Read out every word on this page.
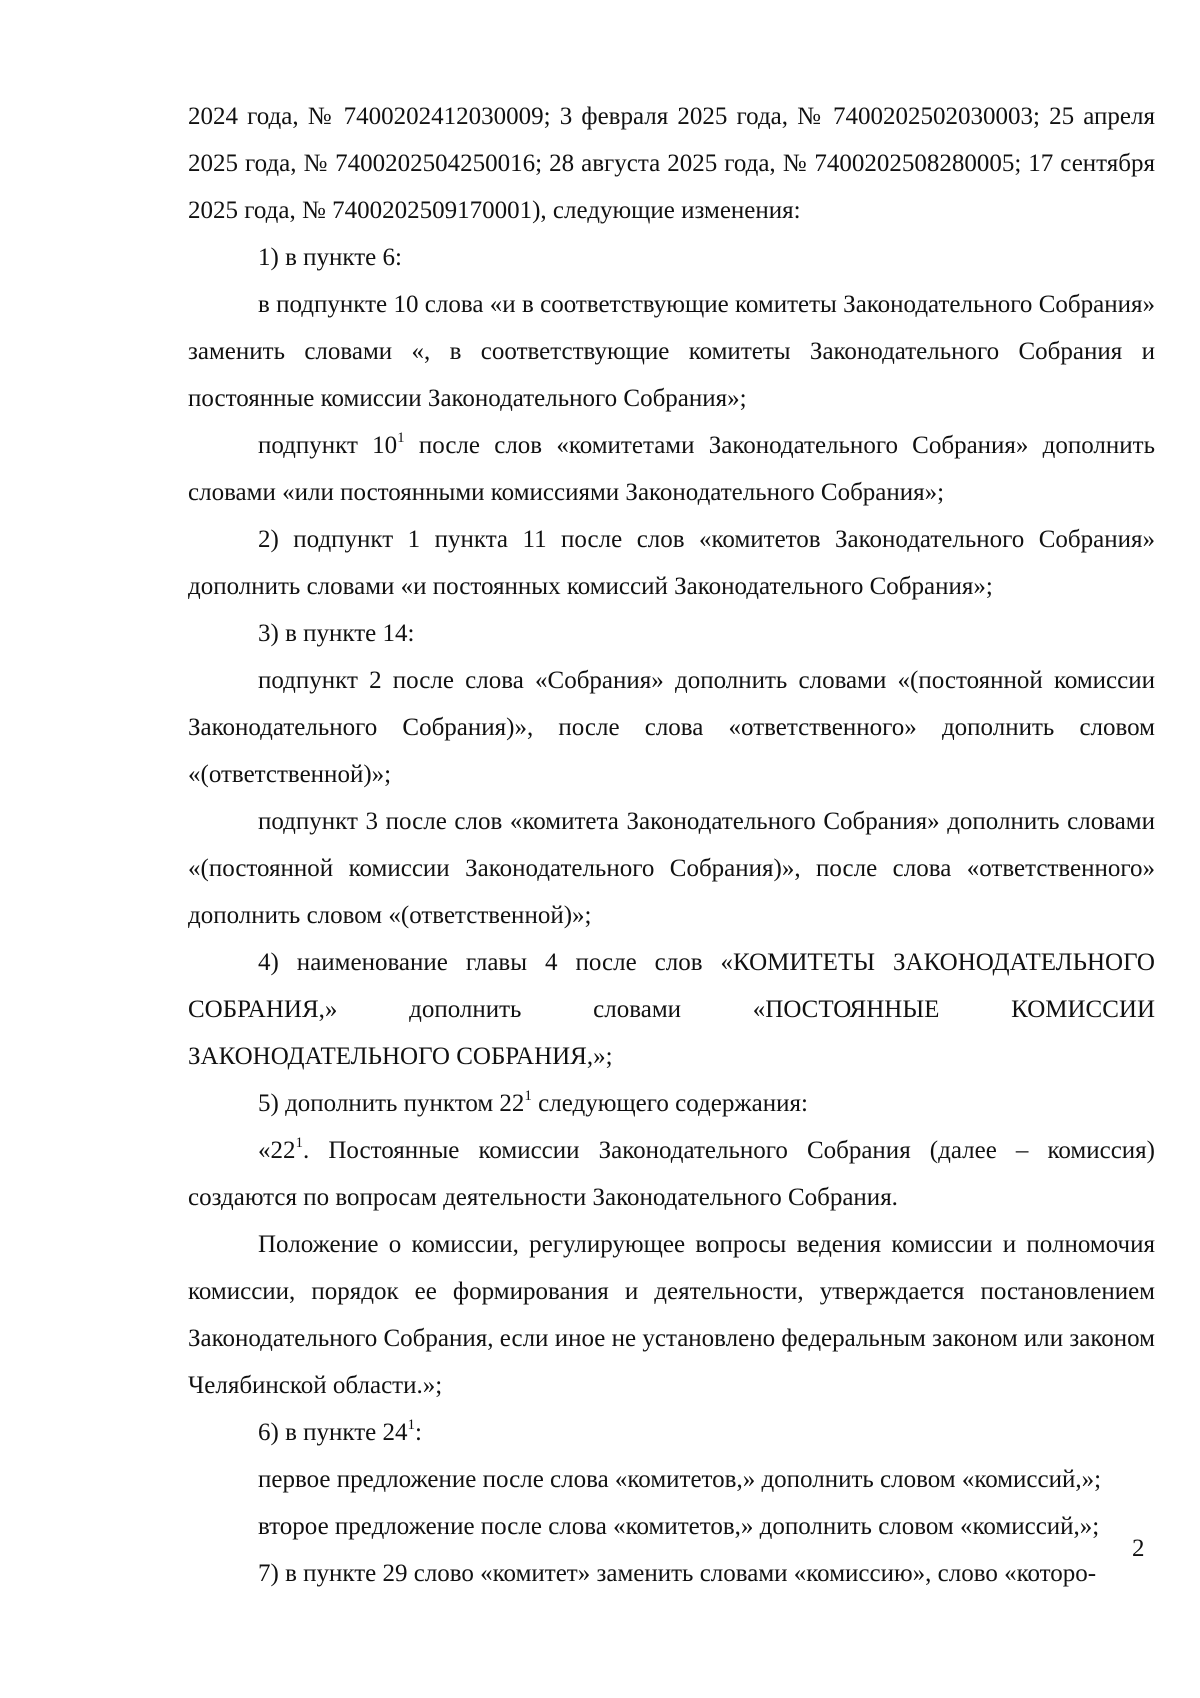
2024 года, № 7400202412030009; 3 февраля 2025 года, № 7400202502030003; 25 апреля 2025 года, № 7400202504250016; 28 августа 2025 года, № 7400202508280005; 17 сентября 2025 года, № 7400202509170001), следующие изменения:

1) в пункте 6:

в подпункте 10 слова «и в соответствующие комитеты Законодательного Собрания» заменить словами «, в соответствующие комитеты Законодательного Собрания и постоянные комиссии Законодательного Собрания»;

подпункт $10^1$ после слов «комитетами Законодательного Собрания» дополнить словами «или постоянными комиссиями Законодательного Собрания»;

2) подпункт 1 пункта 11 после слов «комитетов Законодательного Собрания» дополнить словами «и постоянных комиссий Законодательного Собрания»;

3) в пункте 14:

подпункт 2 после слова «Собрания» дополнить словами «(постоянной комиссии Законодательного Собрания)», после слова «ответственного» дополнить словом «(ответственной)»;

подпункт 3 после слов «комитета Законодательного Собрания» дополнить словами «(постоянной комиссии Законодательного Собрания)», после слова «ответственного» дополнить словом «(ответственной)»;

4) наименование главы 4 после слов «КОМИТЕТЫ ЗАКОНОДАТЕЛЬНОГО СОБРАНИЯ,» дополнить словами «ПОСТОЯННЫЕ КОМИССИИ ЗАКОНОДАТЕЛЬНОГО СОБРАНИЯ,»;

5) дополнить пунктом $22^1$ следующего содержания:

«$22^1$. Постоянные комиссии Законодательного Собрания (далее – комиссия) создаются по вопросам деятельности Законодательного Собрания.

Положение о комиссии, регулирующее вопросы ведения комиссии и полномочия комиссии, порядок ее формирования и деятельности, утверждается постановлением Законодательного Собрания, если иное не установлено федеральным законом или законом Челябинской области.»;

6) в пункте $24^1$:

первое предложение после слова «комитетов,» дополнить словом «комиссий,»;

второе предложение после слова «комитетов,» дополнить словом «комиссий,»;

7) в пункте 29 слово «комитет» заменить словами «комиссию», слово «которо-

2
